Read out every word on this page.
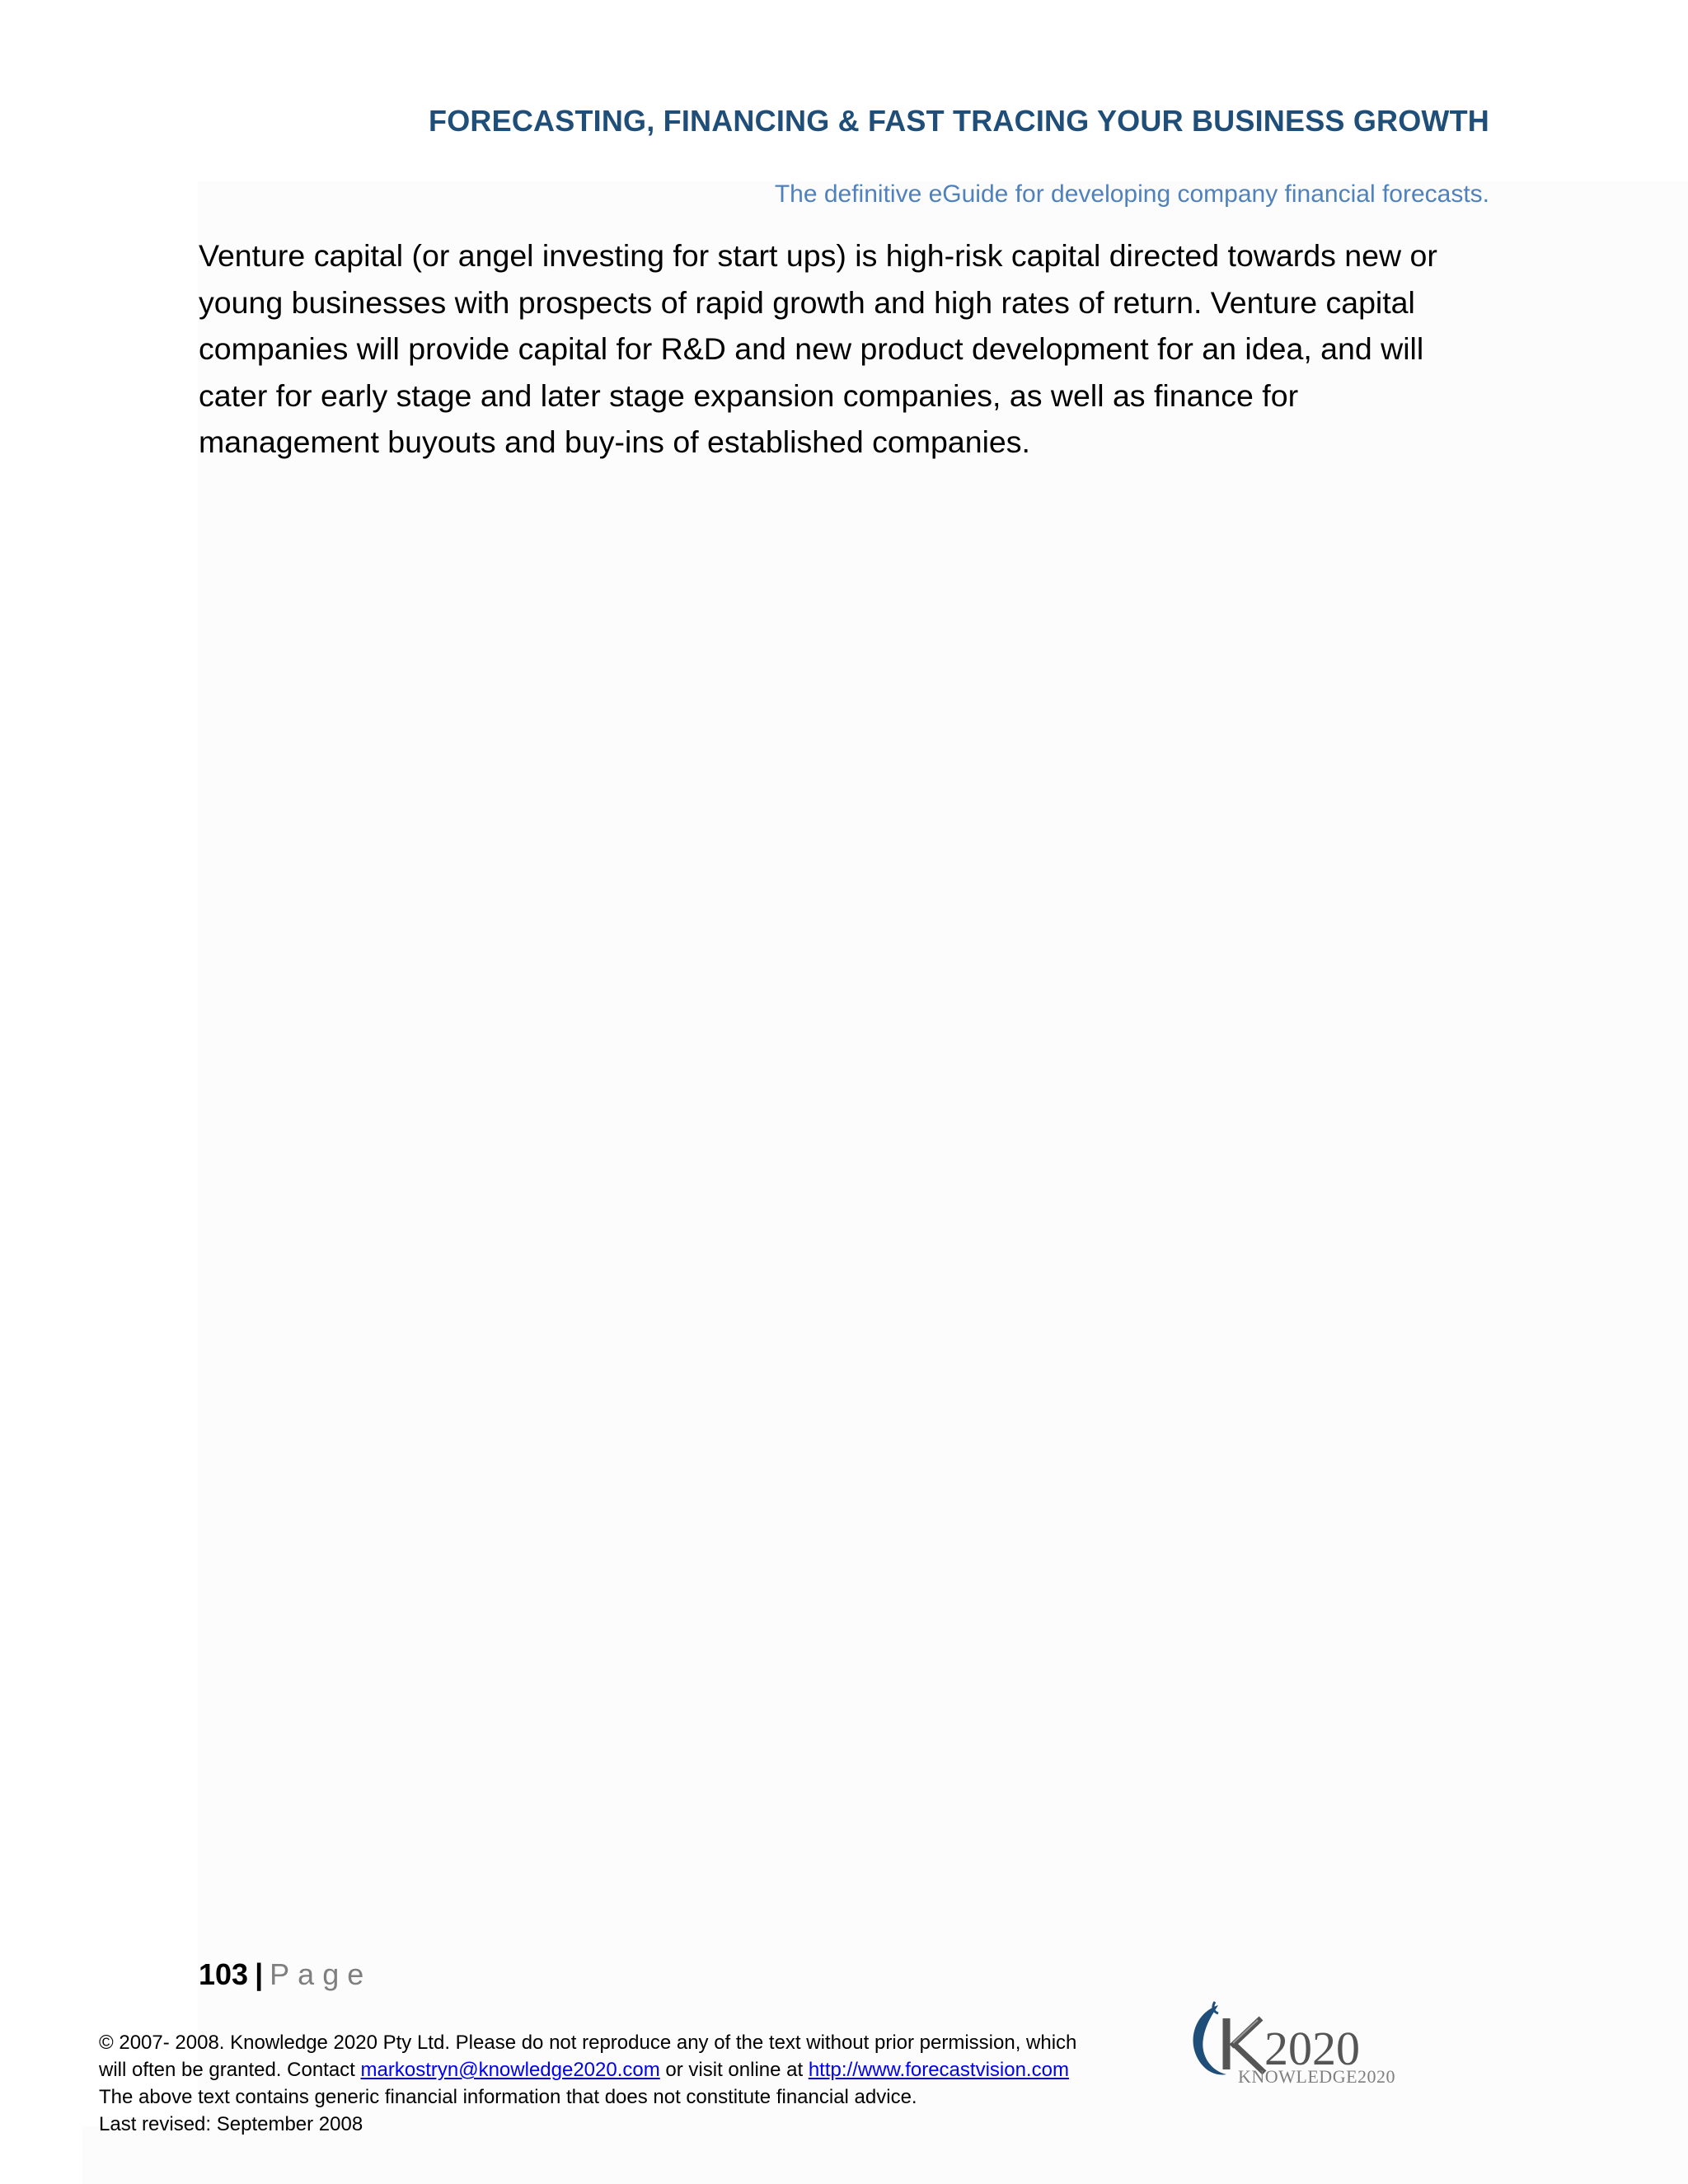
FORECASTING, FINANCING & FAST TRACING YOUR BUSINESS GROWTH
The definitive eGuide for developing company financial forecasts.
Venture capital (or angel investing for start ups) is high-risk capital directed towards new or young businesses with prospects of rapid growth and high rates of return. Venture capital companies will provide capital for R&D and new product development for an idea, and will cater for early stage and later stage expansion companies, as well as finance for management buyouts and buy-ins of established companies.
103 | Page
© 2007- 2008. Knowledge 2020 Pty Ltd. Please do not reproduce any of the text without prior permission, which
will often be granted. Contact markostryn@knowledge2020.com or visit online at http://www.forecastvision.com
The above text contains generic financial information that does not constitute financial advice.
Last revised: September 2008
2020
KNOWLEDGE2020
